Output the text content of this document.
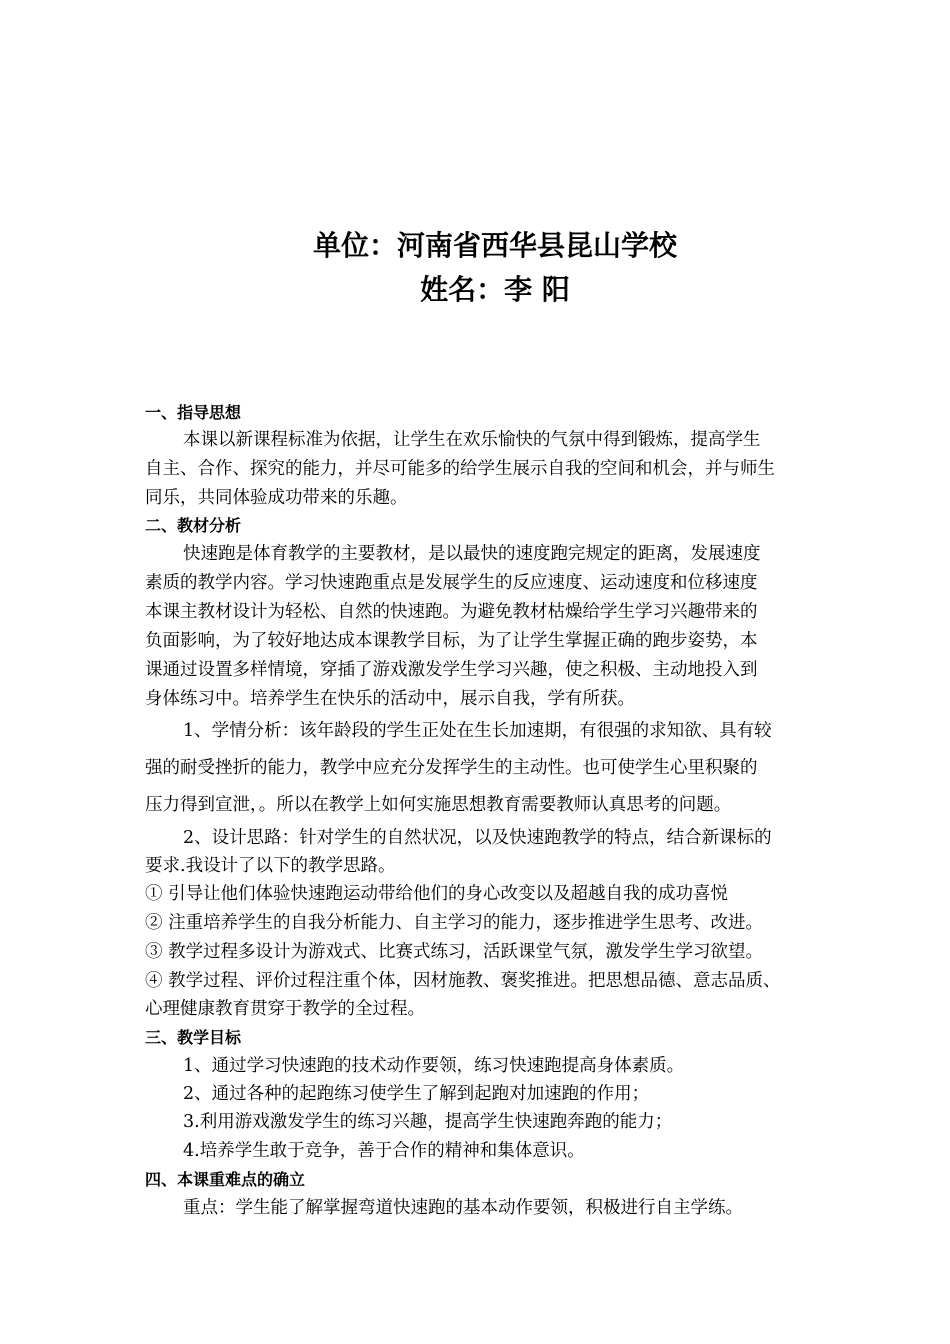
单位：河南省西华县昆山学校
姓名：李 阳

一、指导思想

本课以新课程标准为依据，让学生在欢乐愉快的气氛中得到锻炼，提高学生

自主、合作、探究的能力，并尽可能多的给学生展示自我的空间和机会，并与师生

同乐，共同体验成功带来的乐趣。

二、教材分析

快速跑是体育教学的主要教材，是以最快的速度跑完规定的距离，发展速度

素质的教学内容。学习快速跑重点是发展学生的反应速度、运动速度和位移速度

本课主教材设计为轻松、自然的快速跑。为避免教材枯燥给学生学习兴趣带来的

负面影响，为了较好地达成本课教学目标，为了让学生掌握正确的跑步姿势，本

课通过设置多样情境，穿插了游戏激发学生学习兴趣，使之积极、主动地投入到

身体练习中。培养学生在快乐的活动中，展示自我，学有所获。

1、学情分析：该年龄段的学生正处在生长加速期，有很强的求知欲、具有较

强的耐受挫折的能力，教学中应充分发挥学生的主动性。也可使学生心里积聚的

压力得到宣泄，。所以在教学上如何实施思想教育需要教师认真思考的问题。

2、设计思路：针对学生的自然状况，以及快速跑教学的特点，结合新课标的

要求.我设计了以下的教学思路。

① 引导让他们体验快速跑运动带给他们的身心改变以及超越自我的成功喜悦

② 注重培养学生的自我分析能力、自主学习的能力，逐步推进学生思考、改进。

③ 教学过程多设计为游戏式、比赛式练习，活跃课堂气氛，激发学生学习欲望。

④ 教学过程、评价过程注重个体，因材施教、褒奖推进。把思想品德、意志品质、

心理健康教育贯穿于教学的全过程。

三、教学目标

1、通过学习快速跑的技术动作要领，练习快速跑提高身体素质。

2、通过各种的起跑练习使学生了解到起跑对加速跑的作用；

3.利用游戏激发学生的练习兴趣，提高学生快速跑奔跑的能力；

4.培养学生敢于竞争，善于合作的精神和集体意识。

四、本课重难点的确立

重点：学生能了解掌握弯道快速跑的基本动作要领，积极进行自主学练。
